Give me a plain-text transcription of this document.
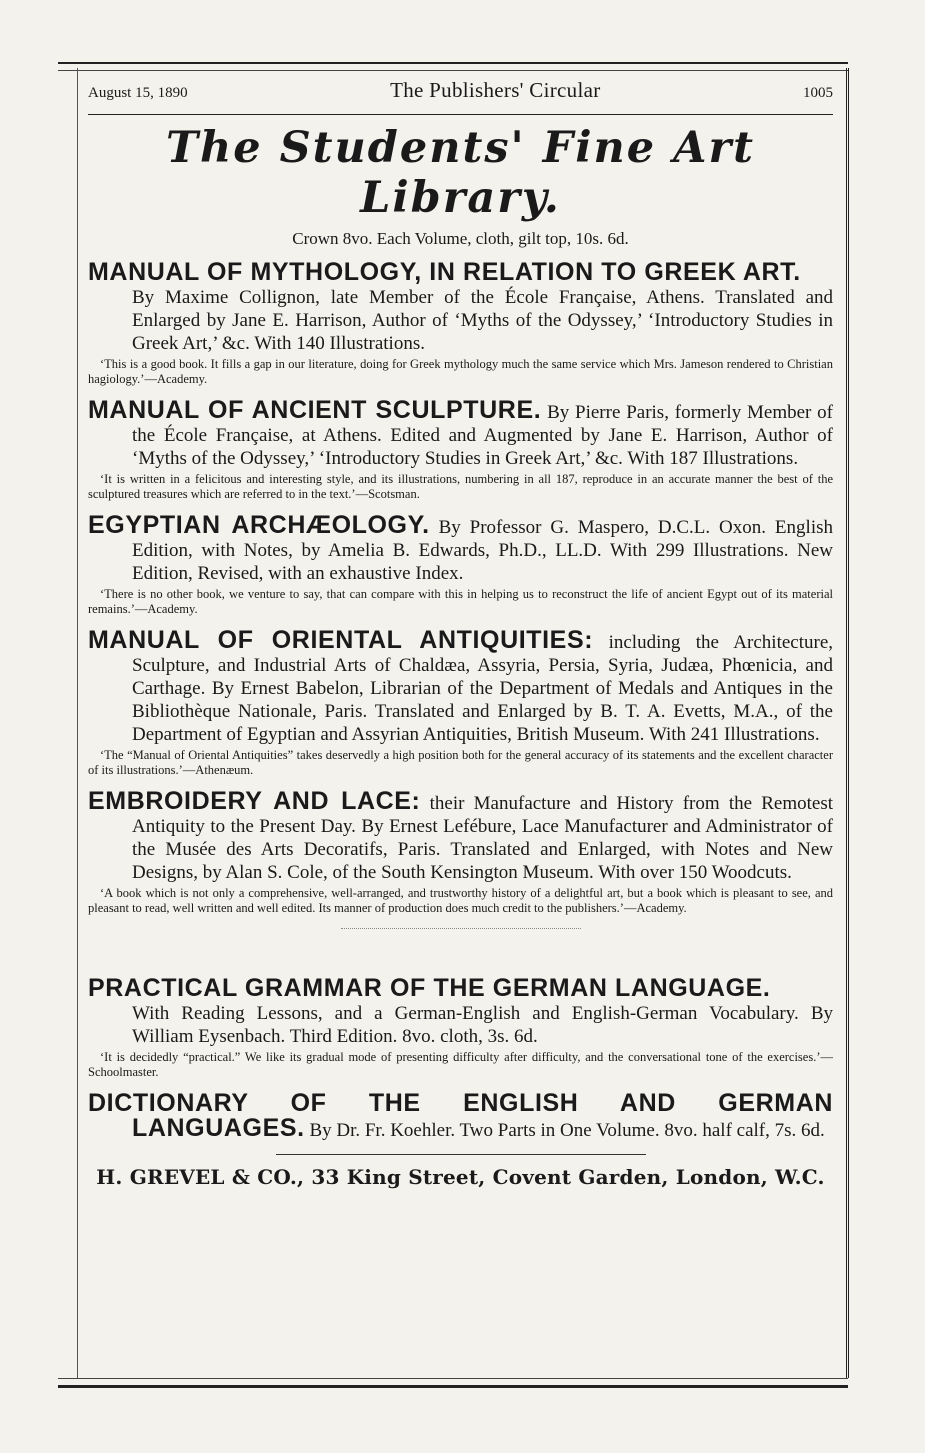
August 15, 1890	The Publishers' Circular	1005
The Students' Fine Art Library.
Crown 8vo. Each Volume, cloth, gilt top, 10s. 6d.
MANUAL OF MYTHOLOGY, IN RELATION TO GREEK ART.
By Maxime Collignon, late Member of the École Française, Athens. Translated and Enlarged by Jane E. Harrison, Author of ‘Myths of the Odyssey,’ ‘Introductory Studies in Greek Art,’ &c. With 140 Illustrations.
‘This is a good book. It fills a gap in our literature, doing for Greek mythology much the same service which Mrs. Jameson rendered to Christian hagiology.’—Academy.
MANUAL OF ANCIENT SCULPTURE. By Pierre Paris, formerly Member of the École Française, at Athens. Edited and Augmented by Jane E. Harrison, Author of ‘Myths of the Odyssey,’ ‘Introductory Studies in Greek Art,’ &c. With 187 Illustrations.
‘It is written in a felicitous and interesting style, and its illustrations, numbering in all 187, reproduce in an accurate manner the best of the sculptured treasures which are referred to in the text.’—Scotsman.
EGYPTIAN ARCHÆOLOGY. By Professor G. Maspero, D.C.L. Oxon. English Edition, with Notes, by Amelia B. Edwards, Ph.D., LL.D. With 299 Illustrations. New Edition, Revised, with an exhaustive Index.
‘There is no other book, we venture to say, that can compare with this in helping us to reconstruct the life of ancient Egypt out of its material remains.’—Academy.
MANUAL OF ORIENTAL ANTIQUITIES: including the Architecture, Sculpture, and Industrial Arts of Chaldæa, Assyria, Persia, Syria, Judæa, Phœnicia, and Carthage. By Ernest Babelon, Librarian of the Department of Medals and Antiques in the Bibliothèque Nationale, Paris. Translated and Enlarged by B. T. A. Evetts, M.A., of the Department of Egyptian and Assyrian Antiquities, British Museum. With 241 Illustrations.
‘The “Manual of Oriental Antiquities” takes deservedly a high position both for the general accuracy of its statements and the excellent character of its illustrations.’—Athenæum.
EMBROIDERY AND LACE: their Manufacture and History from the Remotest Antiquity to the Present Day. By Ernest Lefébure, Lace Manufacturer and Administrator of the Musée des Arts Decoratifs, Paris. Translated and Enlarged, with Notes and New Designs, by Alan S. Cole, of the South Kensington Museum. With over 150 Woodcuts.
‘A book which is not only a comprehensive, well-arranged, and trustworthy history of a delightful art, but a book which is pleasant to see, and pleasant to read, well written and well edited. Its manner of production does much credit to the publishers.’—Academy.
PRACTICAL GRAMMAR OF THE GERMAN LANGUAGE.
With Reading Lessons, and a German-English and English-German Vocabulary. By William Eysenbach. Third Edition. 8vo. cloth, 3s. 6d.
‘It is decidedly “practical.” We like its gradual mode of presenting difficulty after difficulty, and the conversational tone of the exercises.’—Schoolmaster.
DICTIONARY OF THE ENGLISH AND GERMAN LANGUAGES. By Dr. Fr. Koehler. Two Parts in One Volume. 8vo. half calf, 7s. 6d.
H. GREVEL & CO., 33 King Street, Covent Garden, London, W.C.
